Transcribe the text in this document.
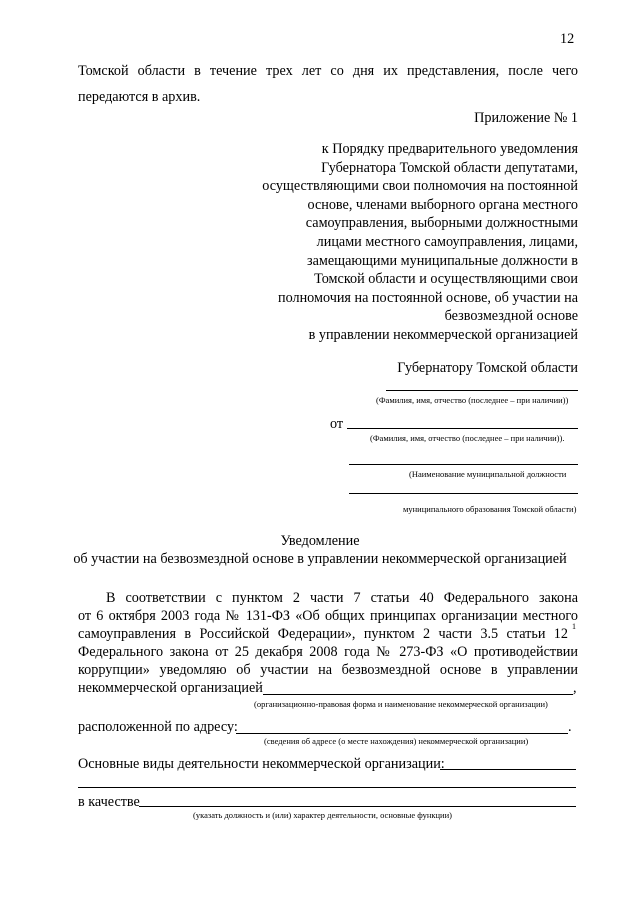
12
Томской области в течение трех лет со дня их представления, после чего
передаются в архив.
Приложение № 1
к Порядку предварительного уведомления
Губернатора Томской области депутатами,
осуществляющими свои полномочия на постоянной
основе, членами выборного органа местного
самоуправления, выборными должностными
лицами местного самоуправления, лицами,
замещающими муниципальные должности в
Томской области и осуществляющими свои
полномочия на постоянной основе, об участии на
безвозмездной основе
в управлении некоммерческой организацией
Губернатору Томской области
(Фамилия, имя, отчество (последнее – при наличии))
от
(Фамилия, имя, отчество (последнее – при наличии)).
(Наименование муниципальной должности
муниципального образования Томской области)
Уведомление
об участии на безвозмездной основе в управлении некоммерческой организацией
В соответствии с пунктом 2 части 7 статьи 40 Федерального закона
от 6 октября 2003 года № 131-ФЗ «Об общих принципах организации местного
самоуправления в Российской Федерации», пунктом 2 части 3.5 статьи 12 1
Федерального закона от 25 декабря 2008 года № 273-ФЗ «О противодействии
коррупции» уведомляю об участии на безвозмездной основе в управлении
некоммерческой организацией	,
(организационно-правовая форма и наименование некоммерческой организации)
расположенной по адресу:	.
(сведения об адресе (о месте нахождения) некоммерческой организации)
Основные виды деятельности некоммерческой организации:
в качестве
(указать должность и (или) характер деятельности, основные функции)
